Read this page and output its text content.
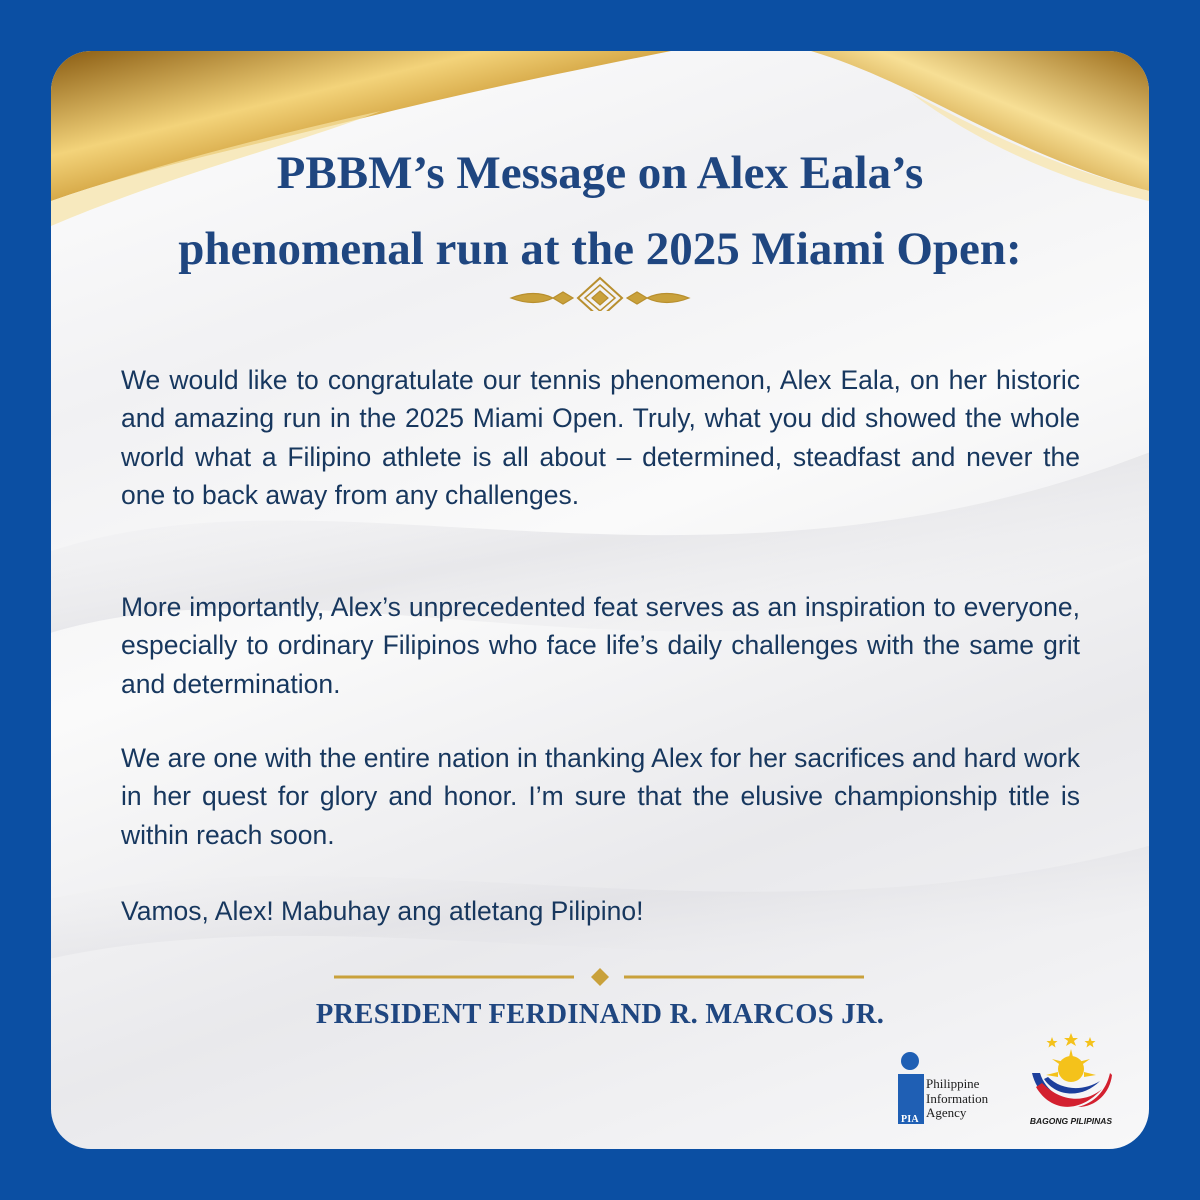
PBBM’s Message on Alex Eala’s
phenomenal run at the 2025 Miami Open:

We would like to congratulate our tennis phenomenon, Alex Eala, on her historic and amazing run in the 2025 Miami Open. Truly, what you did showed the whole world what a Filipino athlete is all about – determined, steadfast and never the one to back away from any challenges.

More importantly, Alex’s unprecedented feat serves as an inspiration to everyone, especially to ordinary Filipinos who face life’s daily challenges with the same grit and determination.

We are one with the entire nation in thanking Alex for her sacrifices and hard work in her quest for glory and honor. I’m sure that the elusive championship title is within reach soon.

Vamos, Alex! Mabuhay ang atletang Pilipino!

PRESIDENT FERDINAND R. MARCOS JR.
PIA
Philippine
Information
Agency
BAGONG PILIPINAS
